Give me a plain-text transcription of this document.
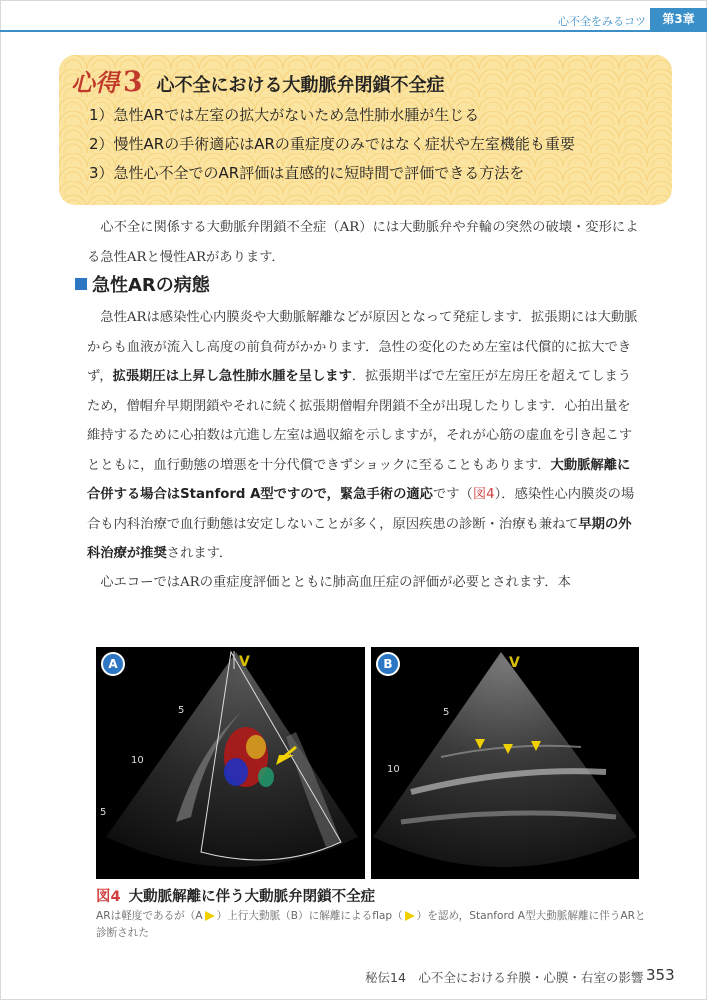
心不全をみるコツ	第3章
心得 3 心不全における大動脈弁閉鎖不全症
1）急性ARでは左室の拡大がないため急性肺水腫が生じる
2）慢性ARの手術適応はARの重症度のみではなく症状や左室機能も重要
3）急性心不全でのAR評価は直感的に短時間で評価できる方法を
心不全に関係する大動脈弁閉鎖不全症（AR）には大動脈弁や弁輪の突然の破壊・変形による急性ARと慢性ARがあります．
急性ARの病態
急性ARは感染性心内膜炎や大動脈解離などが原因となって発症します．拡張期には大動脈からも血液が流入し高度の前負荷がかかります．急性の変化のため左室は代償的に拡大できず，拡張期圧は上昇し急性肺水腫を呈します．拡張期半ばで左室圧が左房圧を超えてしまうため，僧帽弁早期閉鎖やそれに続く拡張期僧帽弁閉鎖不全が出現したりします．心拍出量を維持するために心拍数は亢進し左室は過収縮を示しますが，それが心筋の虚血を引き起こすとともに，血行動態の増悪を十分代償できずショックに至ることもあります．大動脈解離に合併する場合はStanford A型ですので，緊急手術の適応です（図4）．感染性心内膜炎の場合も内科治療で血行動態は安定しないことが多く，原因疾患の診断・治療も兼ねて早期の外科治療が推奨されます．
心エコーではARの重症度評価とともに肺高血圧症の評価が必要とされます．本
A	V
5
10
5
B	V
5
10
図4 大動脈解離に伴う大動脈弁閉鎖不全症
ARは軽度であるが（A ）上行大動脈（B）に解離によるflap（ ）を認め，Stanford A型大動脈解離に伴うARと診断された
秘伝14　心不全における弁膜・心膜・右室の影響 353
